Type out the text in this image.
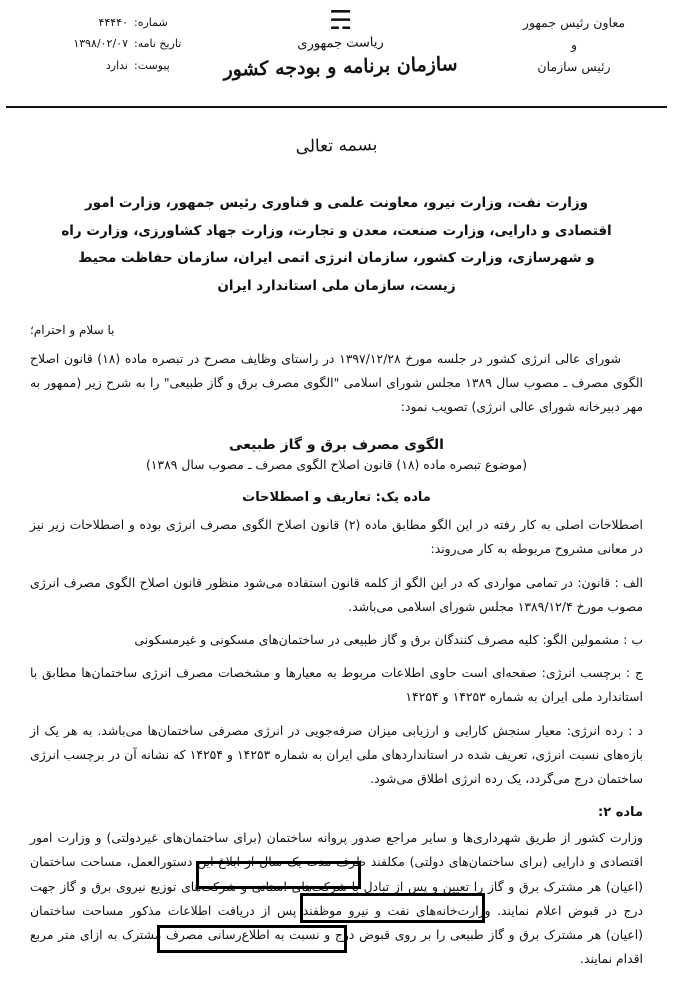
شماره:
۴۴۴۴۰
تاریخ نامه:
۱۳۹۸/۰۲/۰۷
پیوست:
ندارد
☴
ریاست جمهوری
سازمان برنامه و بودجه کشور
معاون رئیس جمهور
و
رئیس سازمان
بسمه تعالی
وزارت نفت، وزارت نیرو، معاونت علمی و فناوری رئیس جمهور، وزارت امور اقتصادی و دارایی، وزارت صنعت، معدن و تجارت، وزارت جهاد کشاورزی، وزارت راه و شهرسازی، وزارت کشور، سازمان انرژی اتمی ایران، سازمان حفاظت محیط زیست، سازمان ملی استاندارد ایران
با سلام و احترام؛

شورای عالی انرژی کشور در جلسه مورخ ۱۳۹۷/۱۲/۲۸ در راستای وظایف مصرح در تبصره ماده (۱۸) قانون اصلاح الگوی مصرف ـ مصوب سال ۱۳۸۹ مجلس شورای اسلامی "الگوی مصرف برق و گاز طبیعی" را به شرح زیر (ممهور به مهر دبیرخانه شورای عالی انرژی) تصویب نمود:

الگوی مصرف برق و گاز طبیعی
(موضوع تبصره ماده (۱۸) قانون اصلاح الگوی مصرف ـ مصوب سال ۱۳۸۹)
ماده یک: تعاریف و اصطلاحات

اصطلاحات اصلی به کار رفته در این الگو مطابق ماده (۲) قانون اصلاح الگوی مصرف انرژی بوده و اصطلاحات زیر نیز در معانی مشروح مربوطه به کار می‌روند:

الف : قانون: در تمامی مواردی که در این الگو از کلمه قانون استفاده می‌شود منظور قانون اصلاح الگوی مصرف انرژی مصوب مورخ ۱۳۸۹/۱۲/۴ مجلس شورای اسلامی می‌باشد.

ب : مشمولین الگو: کلیه مصرف کنندگان برق و گاز طبیعی در ساختمان‌های مسکونی و غیرمسکونی

ج : برچسب انرژی: صفحه‌ای است حاوی اطلاعات مربوط به معیارها و مشخصات مصرف انرژی ساختمان‌ها مطابق با استاندارد ملی ایران به شماره ۱۴۲۵۳ و ۱۴۲۵۴

د : رده انرژی: معیار سنجش کارایی و ارزیابی میزان صرفه‌جویی در انرژی مصرفی ساختمان‌ها می‌باشد. به هر یک از بازه‌های نسبت انرژی، تعریف شده در استانداردهای ملی ایران به شماره ۱۴۲۵۳ و ۱۴۲۵۴ که نشانه آن در برچسب انرژی ساختمان درج می‌گردد، یک رده انرژی اطلاق می‌شود.

ماده ۲:

وزارت کشور از طریق شهرداری‌ها و سایر مراجع صدور پروانه ساختمان (برای ساختمان‌های غیردولتی) و وزارت امور اقتصادی و دارایی (برای ساختمان‌های دولتی) مکلفند ظرف مدت یک سال از ابلاغ این دستورالعمل، مساحت ساختمان (اعیان) هر مشترک برق و گاز را تعیین و پس از تبادل با شرکت‌های استانی و شرکت‌های توزیع نیروی برق و گاز جهت درج در قبوض اعلام نمایند. وزارت‌خانه‌های نفت و نیرو موظفند پس از دریافت اطلاعات مذکور مساحت ساختمان (اعیان) هر مشترک برق و گاز طبیعی را بر روی قبوض درج و نسبت به اطلاع‌رسانی مصرف مشترک به ازای متر مربع اقدام نمایند.
